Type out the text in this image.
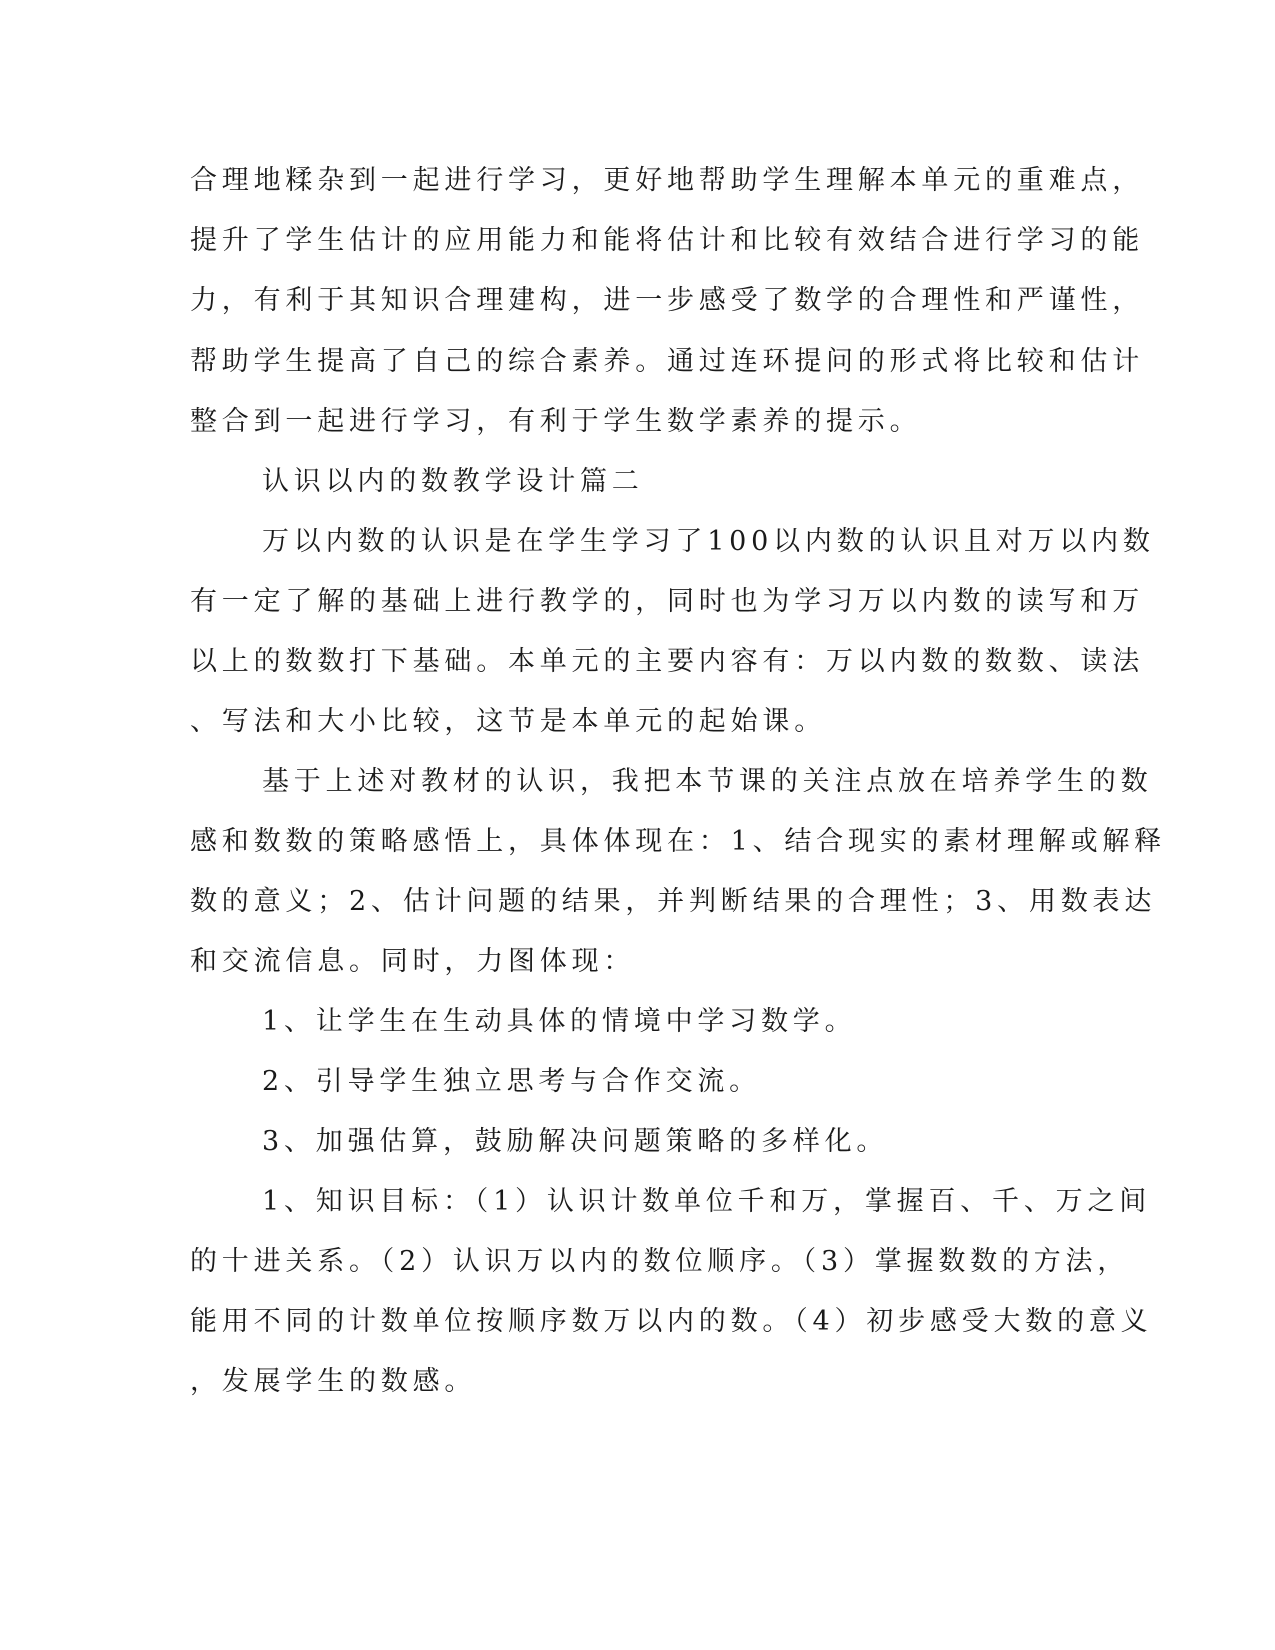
合理地糅杂到一起进行学习，更好地帮助学生理解本单元的重难点，
提升了学生估计的应用能力和能将估计和比较有效结合进行学习的能
力，有利于其知识合理建构，进一步感受了数学的合理性和严谨性，
帮助学生提高了自己的综合素养。通过连环提问的形式将比较和估计
整合到一起进行学习，有利于学生数学素养的提示。
认识以内的数教学设计篇二
万以内数的认识是在学生学习了100以内数的认识且对万以内数
有一定了解的基础上进行教学的，同时也为学习万以内数的读写和万
以上的数数打下基础。本单元的主要内容有：万以内数的数数、读法
、写法和大小比较，这节是本单元的起始课。
基于上述对教材的认识，我把本节课的关注点放在培养学生的数
感和数数的策略感悟上，具体体现在：1、结合现实的素材理解或解释
数的意义；2、估计问题的结果，并判断结果的合理性；3、用数表达
和交流信息。同时，力图体现：
1、让学生在生动具体的情境中学习数学。
2、引导学生独立思考与合作交流。
3、加强估算，鼓励解决问题策略的多样化。
1、知识目标：（1）认识计数单位千和万，掌握百、千、万之间
的十进关系。（2）认识万以内的数位顺序。（3）掌握数数的方法，
能用不同的计数单位按顺序数万以内的数。（4）初步感受大数的意义
，发展学生的数感。
